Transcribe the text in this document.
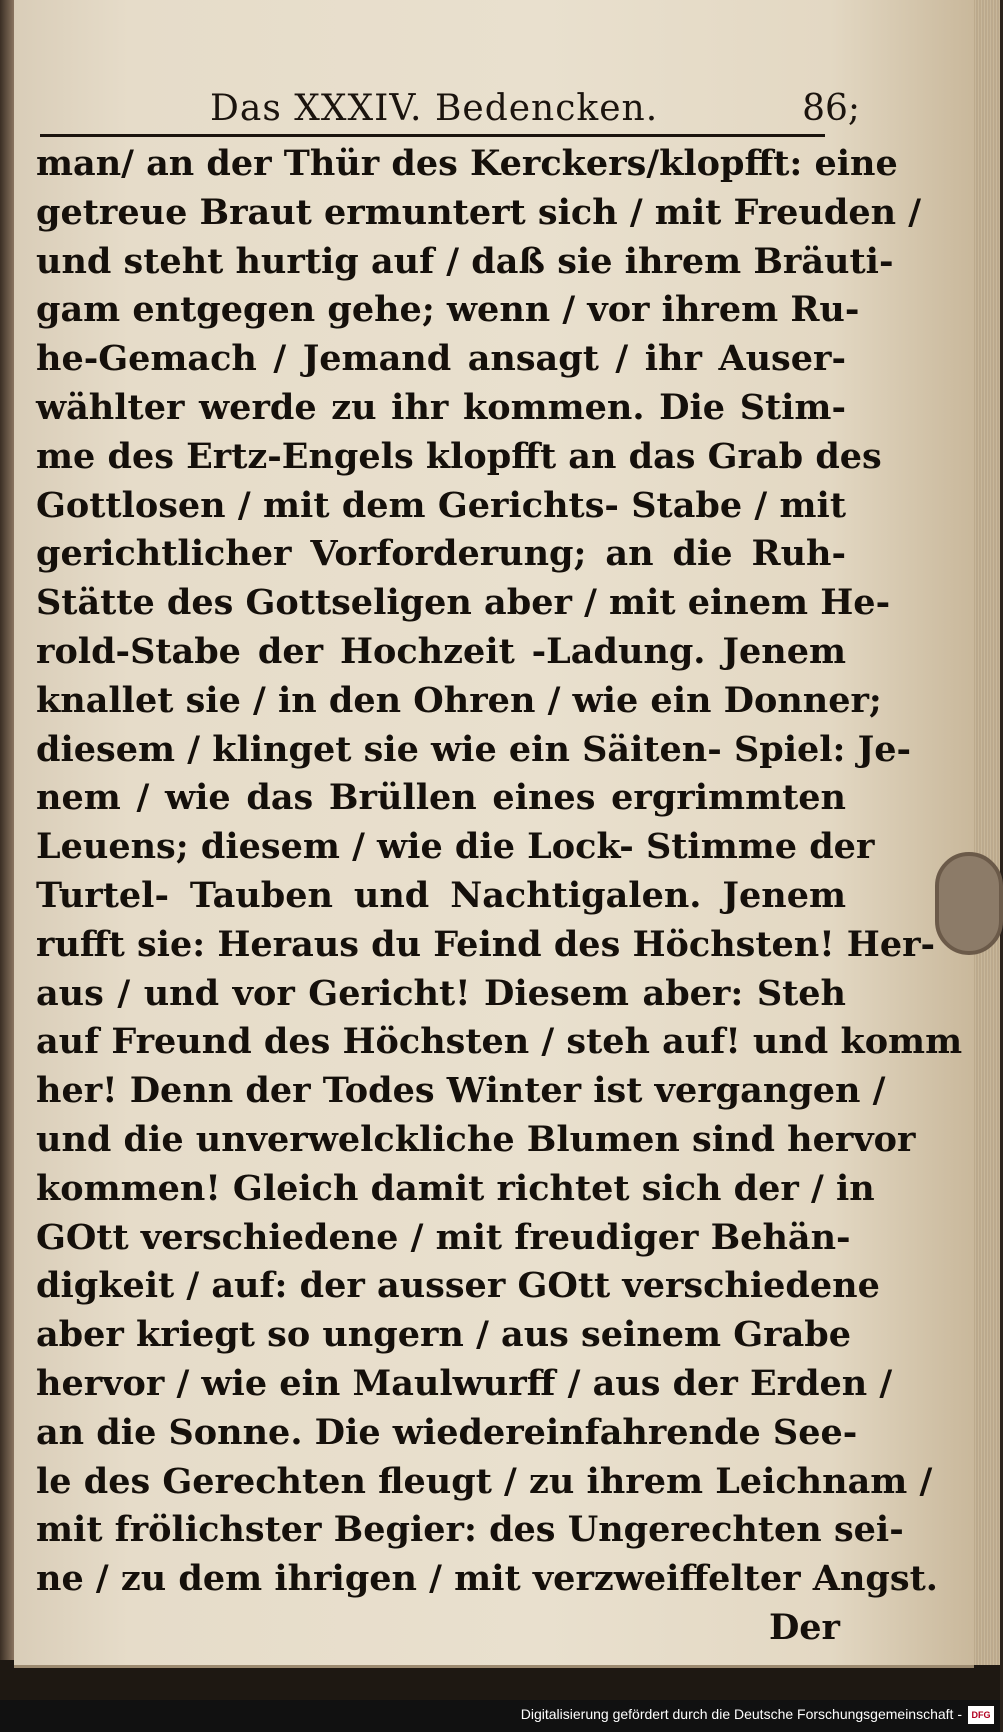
Das XXXIV. Bedencken.	86;
man/ an der Thür des Kerckers/klopfft: eine
getreue Braut ermuntert sich / mit Freuden /
und steht hurtig auf / daß sie ihrem Bräuti-
gam entgegen gehe; wenn / vor ihrem Ru-
he-Gemach / Jemand ansagt / ihr Auser-
wählter werde zu ihr kommen. Die Stim-
me des Ertz-Engels klopfft an das Grab des
Gottlosen / mit dem Gerichts- Stabe / mit
gerichtlicher Vorforderung; an die Ruh-
Stätte des Gottseligen aber / mit einem He-
rold-Stabe der Hochzeit -Ladung. Jenem
knallet sie / in den Ohren / wie ein Donner;
diesem / klinget sie wie ein Säiten- Spiel: Je-
nem / wie das Brüllen eines ergrimmten
Leuens; diesem / wie die Lock- Stimme der
Turtel- Tauben und Nachtigalen. Jenem
rufft sie: Heraus du Feind des Höchsten! Her-
aus / und vor Gericht! Diesem aber: Steh
auf Freund des Höchsten / steh auf! und komm
her! Denn der Todes Winter ist vergangen /
und die unverwelckliche Blumen sind hervor
kommen! Gleich damit richtet sich der / in
GOtt verschiedene / mit freudiger Behän-
digkeit / auf: der ausser GOtt verschiedene
aber kriegt so ungern / aus seinem Grabe
hervor / wie ein Maulwurff / aus der Erden /
an die Sonne. Die wiedereinfahrende See-
le des Gerechten fleugt / zu ihrem Leichnam /
mit frölichster Begier: des Ungerechten sei-
ne / zu dem ihrigen / mit verzweiffelter Angst.
Der
Digitalisierung gefördert durch die Deutsche Forschungsgemeinschaft -	DFG
